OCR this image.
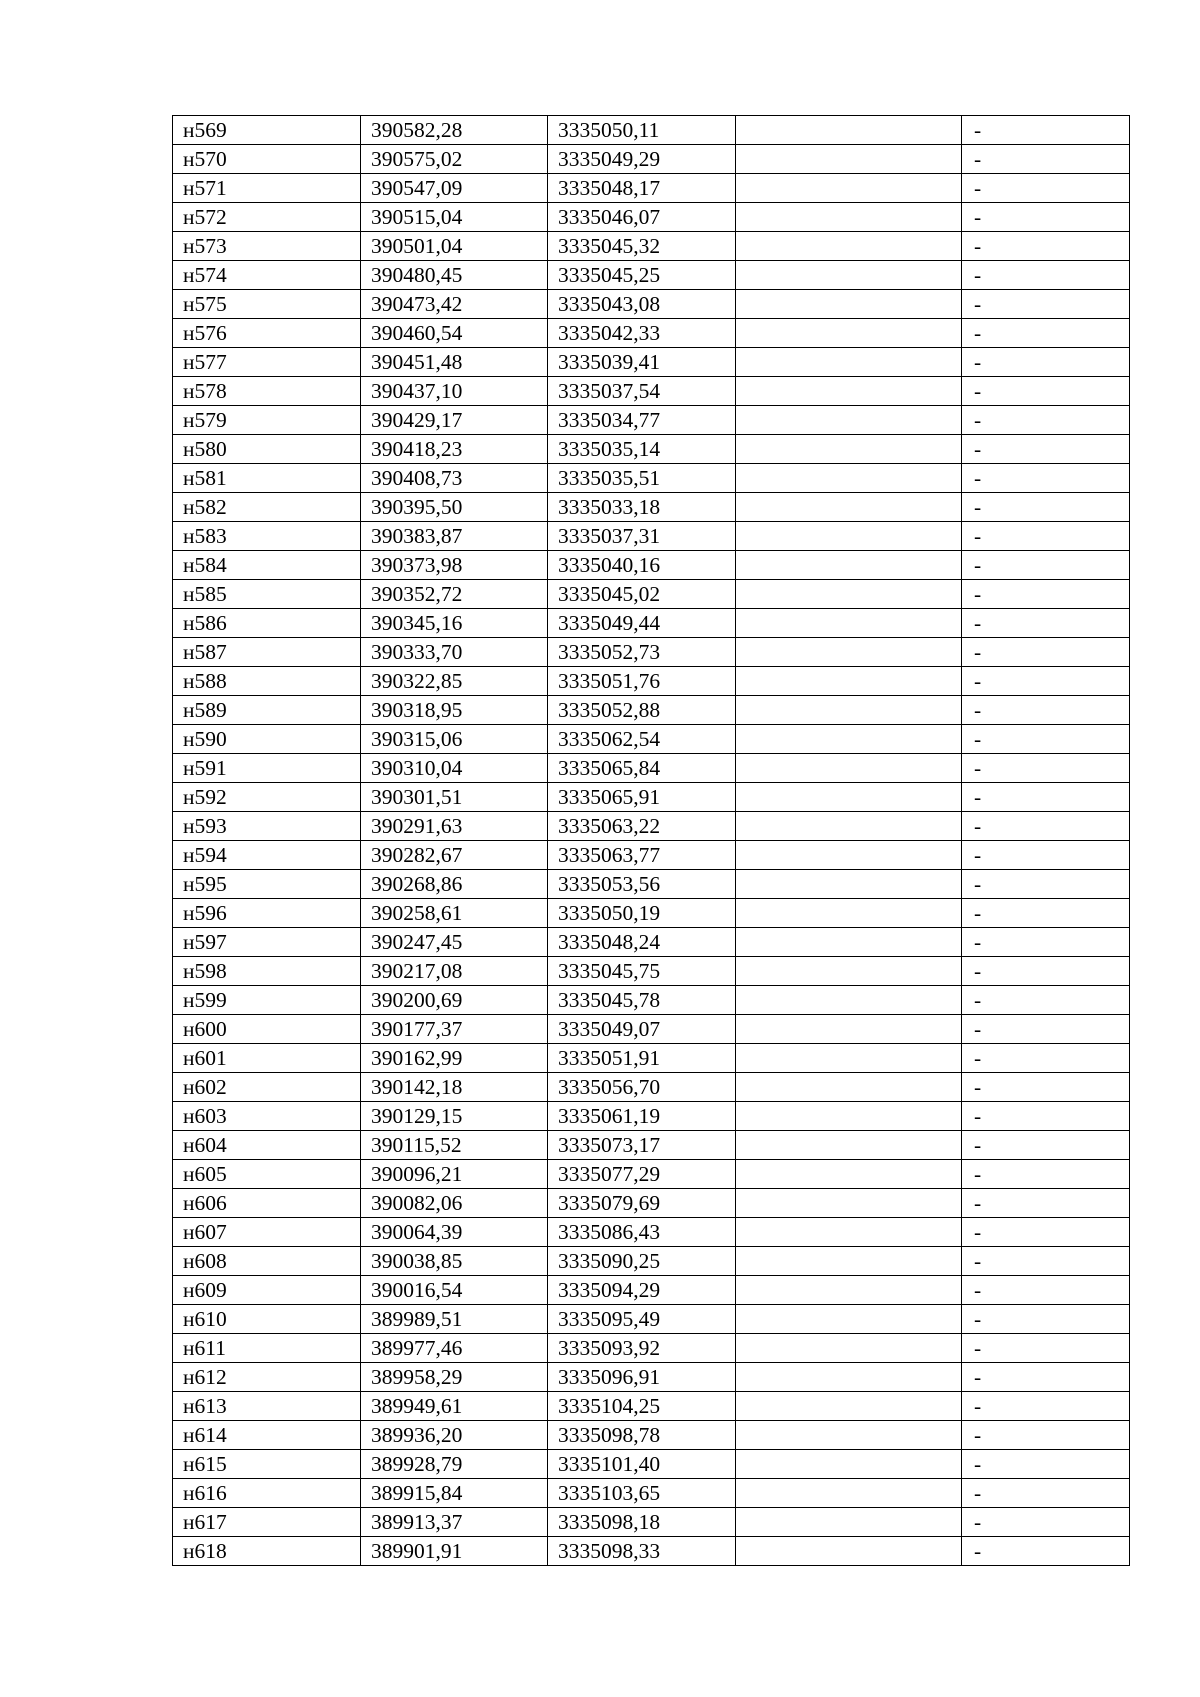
н569	390582,28	3335050,11		-
н570	390575,02	3335049,29		-
н571	390547,09	3335048,17		-
н572	390515,04	3335046,07		-
н573	390501,04	3335045,32		-
н574	390480,45	3335045,25		-
н575	390473,42	3335043,08		-
н576	390460,54	3335042,33		-
н577	390451,48	3335039,41		-
н578	390437,10	3335037,54		-
н579	390429,17	3335034,77		-
н580	390418,23	3335035,14		-
н581	390408,73	3335035,51		-
н582	390395,50	3335033,18		-
н583	390383,87	3335037,31		-
н584	390373,98	3335040,16		-
н585	390352,72	3335045,02		-
н586	390345,16	3335049,44		-
н587	390333,70	3335052,73		-
н588	390322,85	3335051,76		-
н589	390318,95	3335052,88		-
н590	390315,06	3335062,54		-
н591	390310,04	3335065,84		-
н592	390301,51	3335065,91		-
н593	390291,63	3335063,22		-
н594	390282,67	3335063,77		-
н595	390268,86	3335053,56		-
н596	390258,61	3335050,19		-
н597	390247,45	3335048,24		-
н598	390217,08	3335045,75		-
н599	390200,69	3335045,78		-
н600	390177,37	3335049,07		-
н601	390162,99	3335051,91		-
н602	390142,18	3335056,70		-
н603	390129,15	3335061,19		-
н604	390115,52	3335073,17		-
н605	390096,21	3335077,29		-
н606	390082,06	3335079,69		-
н607	390064,39	3335086,43		-
н608	390038,85	3335090,25		-
н609	390016,54	3335094,29		-
н610	389989,51	3335095,49		-
н611	389977,46	3335093,92		-
н612	389958,29	3335096,91		-
н613	389949,61	3335104,25		-
н614	389936,20	3335098,78		-
н615	389928,79	3335101,40		-
н616	389915,84	3335103,65		-
н617	389913,37	3335098,18		-
н618	389901,91	3335098,33		-
